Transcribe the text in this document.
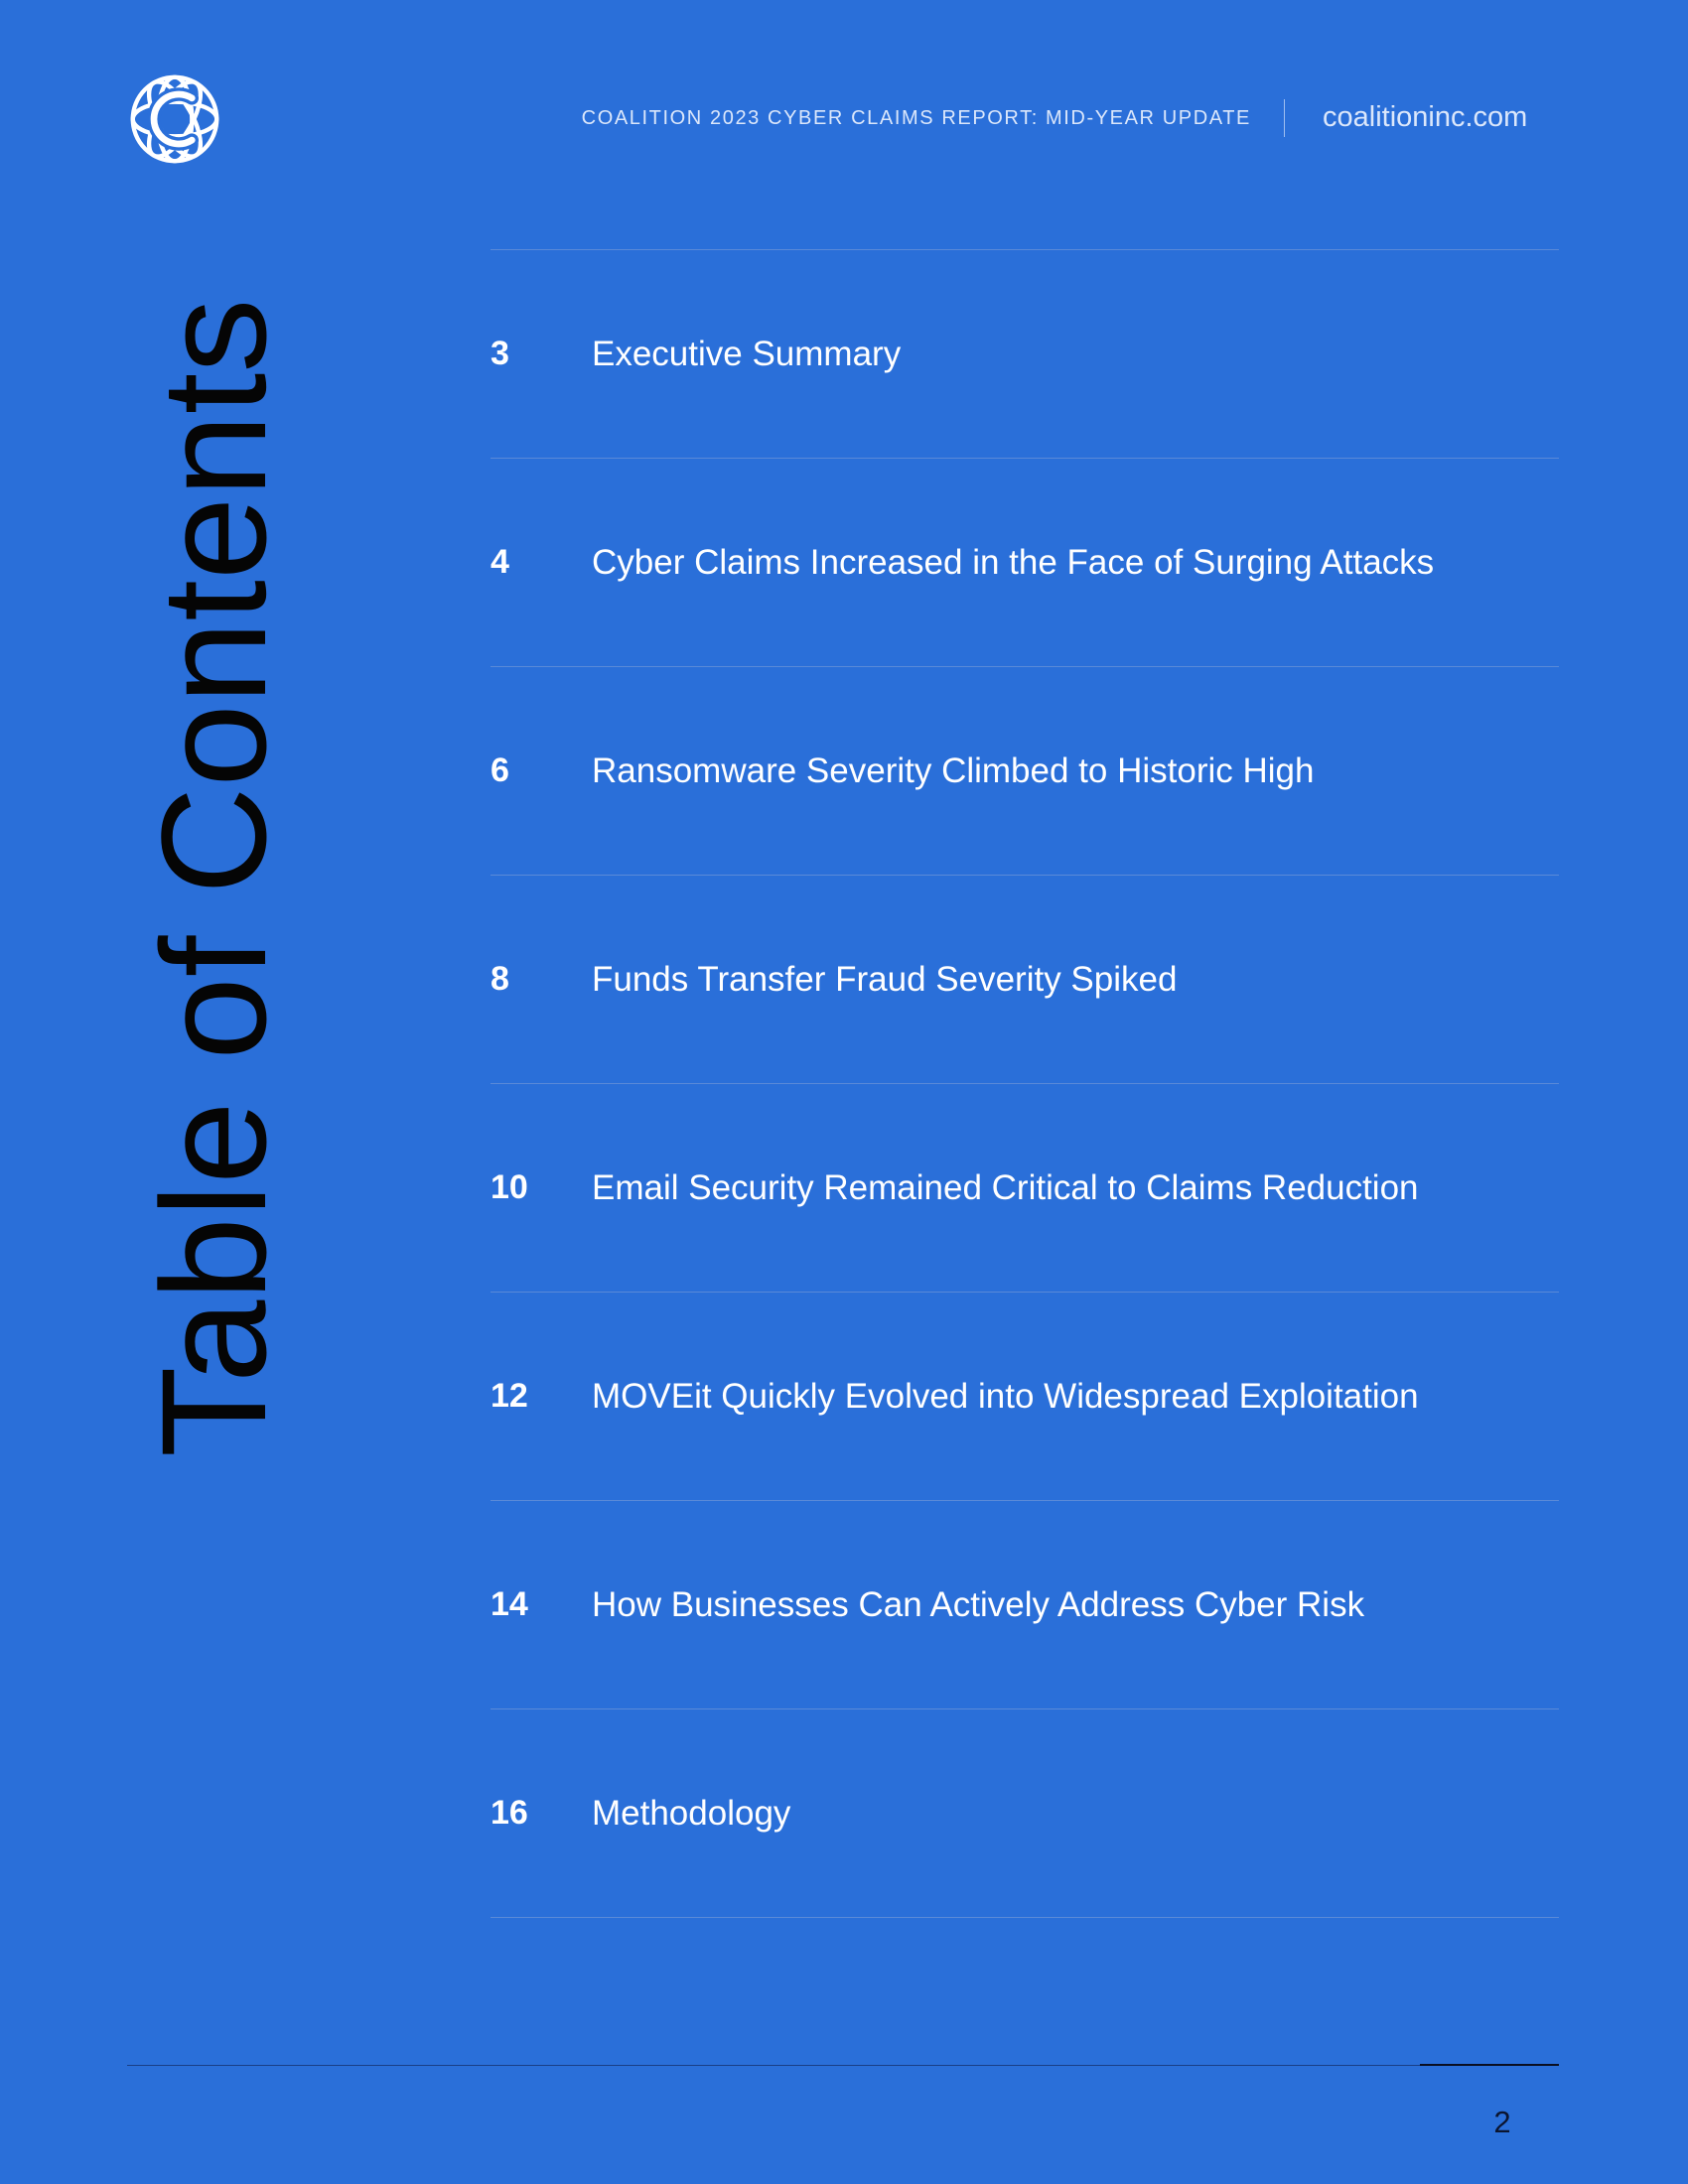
COALITION 2023 CYBER CLAIMS REPORT: MID-YEAR UPDATE coalitioninc.com
Table of Contents	3	Executive Summary
4	Cyber Claims Increased in the Face of Surging Attacks
6	Ransomware Severity Climbed to Historic High
8	Funds Transfer Fraud Severity Spiked
10	Email Security Remained Critical to Claims Reduction
12	MOVEit Quickly Evolved into Widespread Exploitation
14	How Businesses Can Actively Address Cyber Risk
16	Methodology
2
